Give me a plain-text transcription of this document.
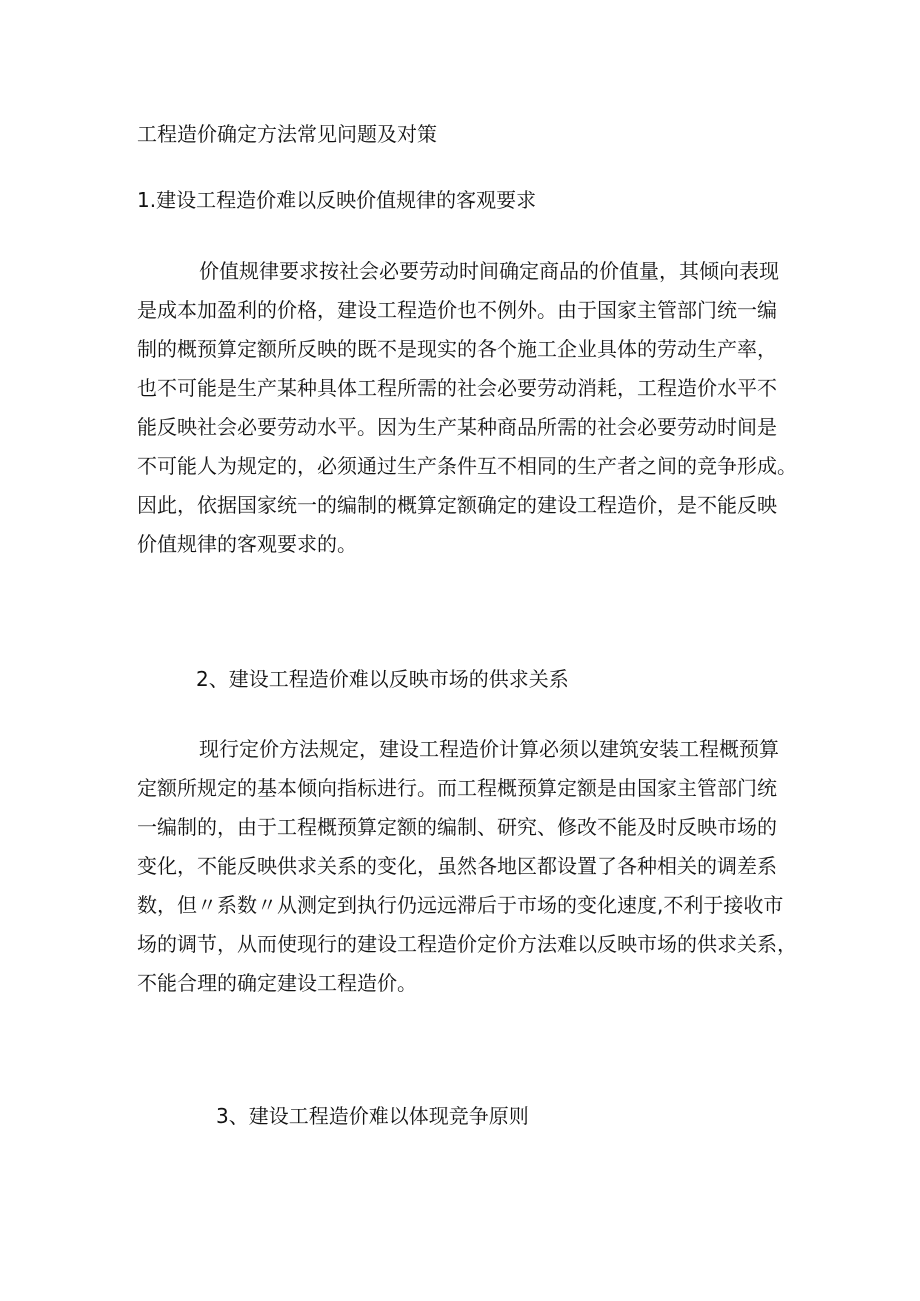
工程造价确定方法常见问题及对策
1.建设工程造价难以反映价值规律的客观要求
价值规律要求按社会必要劳动时间确定商品的价值量，其倾向表现
是成本加盈利的价格，建设工程造价也不例外。由于国家主管部门统一编
制的概预算定额所反映的既不是现实的各个施工企业具体的劳动生产率，
也不可能是生产某种具体工程所需的社会必要劳动消耗，工程造价水平不
能反映社会必要劳动水平。因为生产某种商品所需的社会必要劳动时间是
不可能人为规定的，必须通过生产条件互不相同的生产者之间的竞争形成。
因此，依据国家统一的编制的概算定额确定的建设工程造价，是不能反映
价值规律的客观要求的。
2、建设工程造价难以反映市场的供求关系
现行定价方法规定，建设工程造价计算必须以建筑安装工程概预算
定额所规定的基本倾向指标进行。而工程概预算定额是由国家主管部门统
一编制的，由于工程概预算定额的编制、研究、修改不能及时反映市场的
变化，不能反映供求关系的变化，虽然各地区都设置了各种相关的调差系
数，但〃系数〃从测定到执行仍远远滞后于市场的变化速度,不利于接收市
场的调节，从而使现行的建设工程造价定价方法难以反映市场的供求关系，
不能合理的确定建设工程造价。
3、建设工程造价难以体现竞争原则
